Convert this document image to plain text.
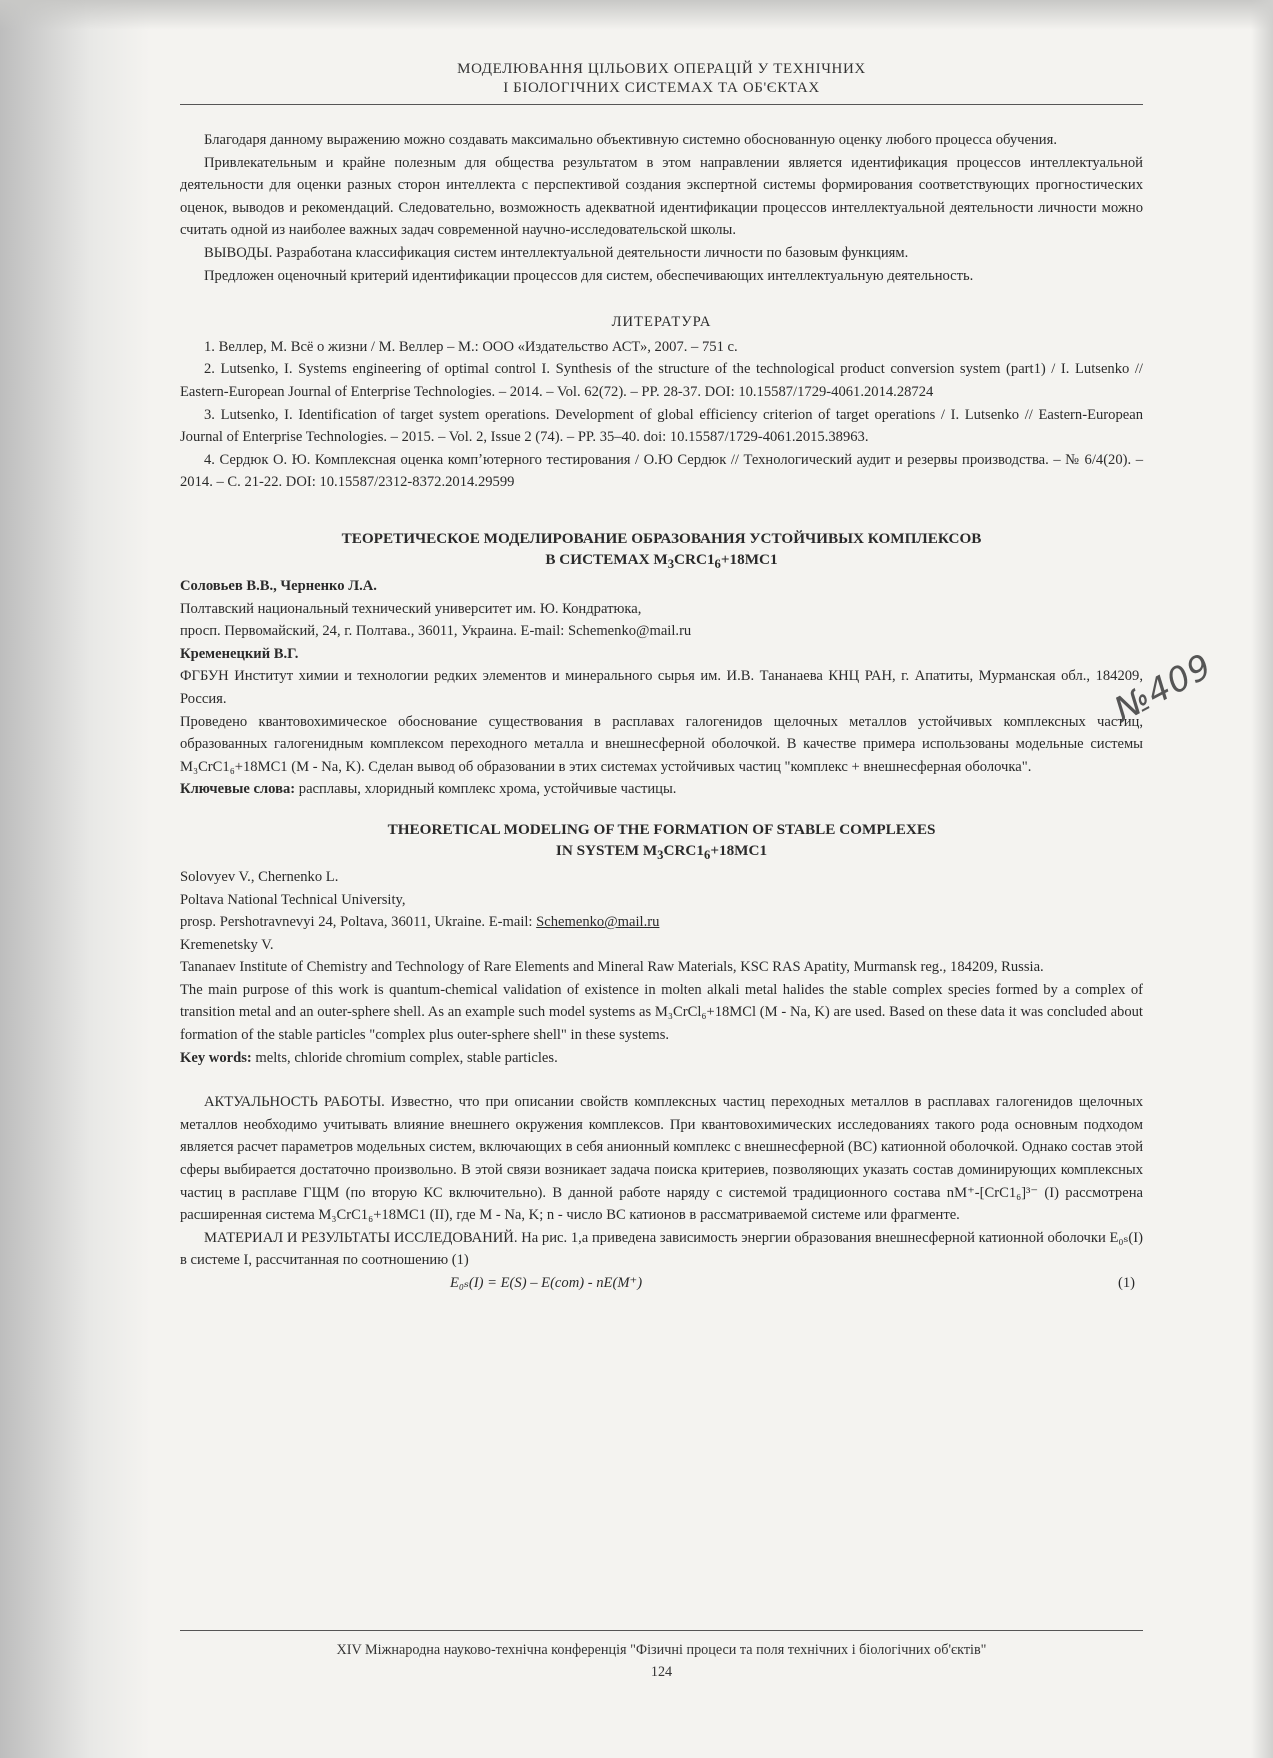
МОДЕЛЮВАННЯ ЦІЛЬОВИХ ОПЕРАЦІЙ У ТЕХНІЧНИХ
І БІОЛОГІЧНИХ СИСТЕМАХ ТА ОБ'ЄКТАХ

Благодаря данному выражению можно создавать максимально объективную системно обоснованную оценку любого процесса обучения.

Привлекательным и крайне полезным для общества результатом в этом направлении является идентификация процессов интеллектуальной деятельности для оценки разных сторон интеллекта с перспективой создания экспертной системы формирования соответствующих прогностических оценок, выводов и рекомендаций. Следовательно, возможность адекватной идентификации процессов интеллектуальной деятельности личности можно считать одной из наиболее важных задач современной научно-исследовательской школы.

ВЫВОДЫ. Разработана классификация систем интеллектуальной деятельности личности по базовым функциям.

Предложен оценочный критерий идентификации процессов для систем, обеспечивающих интеллектуальную деятельность.

ЛИТЕРАТУРА

1. Веллер, М. Всё о жизни / М. Веллер – М.: ООО «Издательство АСТ», 2007. – 751 с.

2. Lutsenko, I. Systems engineering of optimal control I. Synthesis of the structure of the technological product conversion system (part1) / I. Lutsenko // Eastern-European Journal of Enterprise Technologies. – 2014. – Vol. 62(72). – PP. 28-37. DOI: 10.15587/1729-4061.2014.28724

3. Lutsenko, I. Identification of target system operations. Development of global efficiency criterion of target operations / I. Lutsenko // Eastern-European Journal of Enterprise Technologies. – 2015. – Vol. 2, Issue 2 (74). – PP. 35–40. doi: 10.15587/1729-4061.2015.38963.

4. Сердюк О. Ю. Комплексная оценка компʼютерного тестирования / О.Ю Сердюк // Технологический аудит и резервы производства. – № 6/4(20). – 2014. – С. 21-22. DOI: 10.15587/2312-8372.2014.29599

ТЕОРЕТИЧЕСКОЕ МОДЕЛИРОВАНИЕ ОБРАЗОВАНИЯ УСТОЙЧИВЫХ КОМПЛЕКСОВ
В СИСТЕМАХ $M_3CRC1_6+18MC1$
Соловьев В.В., Черненко Л.А.
Полтавский национальный технический университет им. Ю. Кондратюка,
просп. Первомайский, 24, г. Полтава., 36011, Украина. E-mail: Schemenko@mail.ru
Кременецкий В.Г.

ФГБУН Институт химии и технологии редких элементов и минерального сырья им. И.В. Тананаева КНЦ РАН, г. Апатиты, Мурманская обл., 184209, Россия.

Проведено квантовохимическое обоснование существования в расплавах галогенидов щелочных металлов устойчивых комплексных частиц, образованных галогенидным комплексом переходного металла и внешнесферной оболочкой. В качестве примера использованы модельные системы M₃CrC1₆+18MC1 (M - Na, K). Сделан вывод об образовании в этих системах устойчивых частиц "комплекс + внешнесферная оболочка".

Ключевые слова: расплавы, хлоридный комплекс хрома, устойчивые частицы.
THEORETICAL MODELING OF THE FORMATION OF STABLE COMPLEXES
IN SYSTEM $M_3CRC1_6+18MC1$
Solovyev V., Chernenko L.
Poltava National Technical University,
prosp. Pershotravnevyi 24, Poltava, 36011, Ukraine. E-mail: Schemenko@mail.ru
Kremenetsky V.

Tananaev Institute of Chemistry and Technology of Rare Elements and Mineral Raw Materials, KSC RAS Apatity, Murmansk reg., 184209, Russia.

The main purpose of this work is quantum-chemical validation of existence in molten alkali metal halides the stable complex species formed by a complex of transition metal and an outer-sphere shell. As an example such model systems as M₃CrCl₆+18MCl (M - Na, K) are used. Based on these data it was concluded about formation of the stable particles "complex plus outer-sphere shell" in these systems.

Key words: melts, chloride chromium complex, stable particles.

АКТУАЛЬНОСТЬ РАБОТЫ. Известно, что при описании свойств комплексных частиц переходных металлов в расплавах галогенидов щелочных металлов необходимо учитывать влияние внешнего окружения комплексов. При квантовохимических исследованиях такого рода основным подходом является расчет параметров модельных систем, включающих в себя анионный комплекс с внешнесферной (ВС) катионной оболочкой. Однако состав этой сферы выбирается достаточно произвольно. В этой связи возникает задача поиска критериев, позволяющих указать состав доминирующих комплексных частиц в расплаве ГЩМ (по вторую КС включительно). В данной работе наряду с системой традиционного состава nM⁺-[CrC1₆]³⁻ (I) рассмотрена расширенная система M₃CrC1₆+18MC1 (II), где M - Na, K; n - число ВС катионов в рассматриваемой системе или фрагменте.

МАТЕРИАЛ И РЕЗУЛЬТАТЫ ИССЛЕДОВАНИЙ. На рис. 1,а приведена зависимость энергии образования внешнесферной катионной оболочки E₀ₛ(I) в системе I, рассчитанная по соотношению (1)

E₀ₛ(I) = E(S) – E(com) - nE(M⁺)	(1)
№409
XIV Міжнародна науково-технічна конференція "Фізичні процеси та поля технічних і біологічних об'єктів"
124
